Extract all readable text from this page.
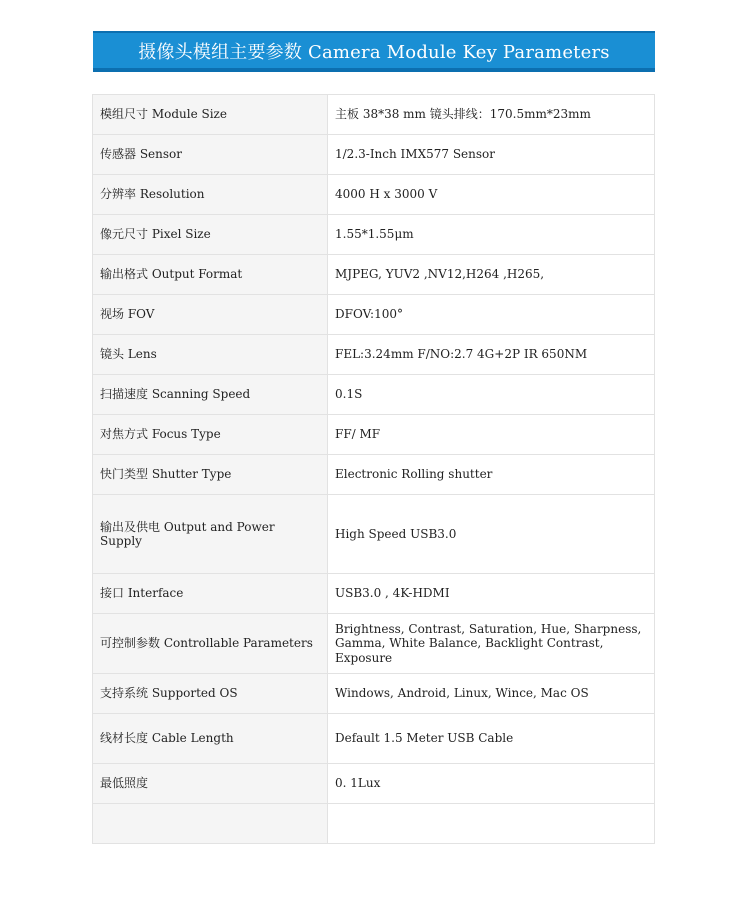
摄像头模组主要参数 Camera Module Key Parameters
模组尺寸 Module Size	主板 38*38 mm 镜头排线：170.5mm*23mm
传感器 Sensor	1/2.3-Inch IMX577 Sensor
分辨率 Resolution	4000 H x 3000 V
像元尺寸 Pixel Size	1.55*1.55μm
输出格式 Output Format	MJPEG, YUV2 ,NV12,H264 ,H265,
视场 FOV	DFOV:100°
镜头 Lens	FEL:3.24mm F/NO:2.7 4G+2P IR 650NM
扫描速度 Scanning Speed	0.1S
对焦方式 Focus Type	FF/ MF
快门类型 Shutter Type	Electronic Rolling shutter
输出及供电 Output and Power Supply	High Speed USB3.0
接口 Interface	USB3.0 , 4K-HDMI
可控制参数 Controllable Parameters	Brightness, Contrast, Saturation, Hue, Sharpness, Gamma, White Balance, Backlight Contrast, Exposure
支持系统 Supported OS	Windows, Android, Linux, Wince, Mac OS
线材长度 Cable Length	Default 1.5 Meter USB Cable
最低照度	0. 1Lux
